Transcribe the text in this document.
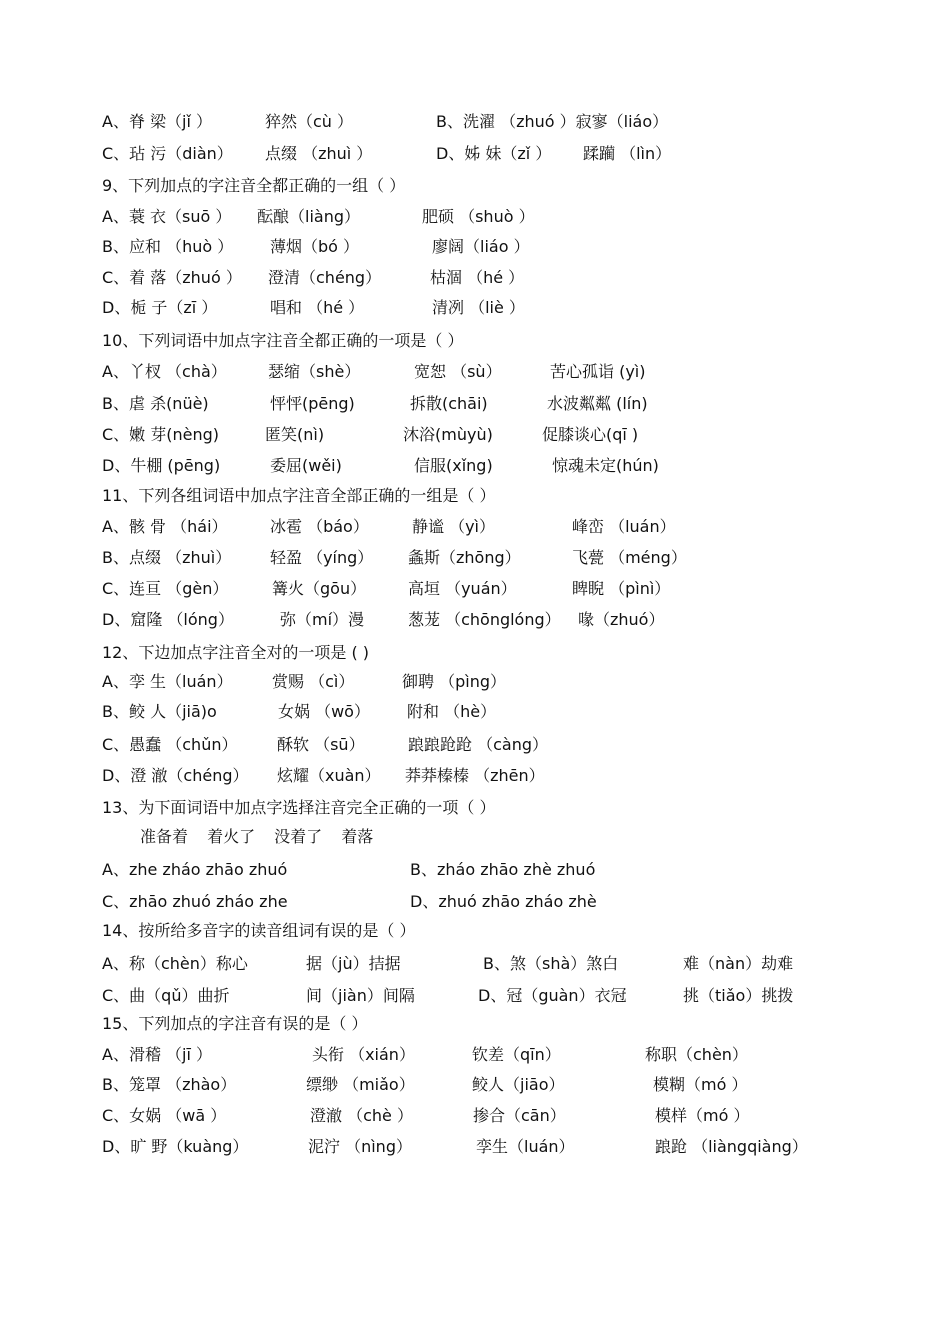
A、脊 梁（jǐ ）	猝然（cù ）	B、洗濯 （zhuó ）寂寥（liáo）
C、玷 污（diàn） 点缀 （zhuì ）	D、姊 妹（zǐ ） 蹂躏 （lìn）
9、下列加点的字注音全都正确的一组（ ）
A、蓑 衣（suō ） 酝酿（liàng）	肥硕 （shuò ）
B、应和 （huò ） 薄烟（bó ）	廖阔（liáo ）
C、着 落（zhuó ） 澄清（chéng）	枯涸 （hé ）
D、栀 子（zī ）	唱和 （hé ）	清冽 （liè ）
10、下列词语中加点字注音全都正确的一项是（ ）
A、丫杈 （chà）	瑟缩（shè）	宽恕 （sù）	苦心孤诣 (yì)
B、虐 杀(nüè)	怦怦(pēng)	拆散(chāi)	水波粼粼 (lín)
C、嫩 芽(nèng)	匿笑(nì)	沐浴(mùyù)	促膝谈心(qī )
D、牛棚 (pēng)	委屈(wěi)	信服(xǐng)	惊魂未定(hún)
11、下列各组词语中加点字注音全部正确的一组是（ ）
A、骸 骨 （hái）	冰雹 （báo）	静谧 （yì）	峰峦 （luán）
B、点缀 （zhuì） 轻盈 （yíng） 螽斯（zhōng）	飞甍 （méng）
C、连亘 （gèn）	篝火（gōu）	高垣 （yuán）	睥睨 （pìnì）
D、窟隆 （lóng）	弥（mí）漫	葱茏 （chōnglóng） 喙（zhuó）
12、下边加点字注音全对的一项是 ( )
A、孪 生（luán） 赏赐 （cì）	御聘 （pìng）
B、鲛 人（jiā)o	女娲 （wō） 附和 （hè）
C、愚蠢 （chǔn） 酥软 （sū）	踉踉跄跄 （càng）
D、澄 澈（chéng） 炫耀（xuàn） 莽莽榛榛 （zhēn）
13、为下面词语中加点字选择注音完全正确的一项（ ）
准备着 着火了 没着了 着落
A、zhe zháo zhāo zhuó	B、zháo zhāo zhè zhuó
C、zhāo zhuó zháo zhe	D、zhuó zhāo zháo zhè
14、按所给多音字的读音组词有误的是（ ）
A、称（chèn）称心	据（jù）拮据	B、煞（shà）煞白	难（nàn）劫难
C、曲（qǔ）曲折	间（jiàn）间隔	D、冠（guàn）衣冠	挑（tiǎo）挑拨
15、下列加点的字注音有误的是（ ）
A、滑稽 （jī ）	头衔 （xián）	钦差（qīn）	称职（chèn）
B、笼罩 （zhào）	缥缈 （miǎo）	鲛人（jiāo）	模糊（mó ）
C、女娲 （wā ）	澄澈 （chè ）	掺合（cān）	模样（mó ）
D、旷 野（kuàng）	泥泞 （nìng）	孪生（luán）	踉跄 （liàngqiàng）
